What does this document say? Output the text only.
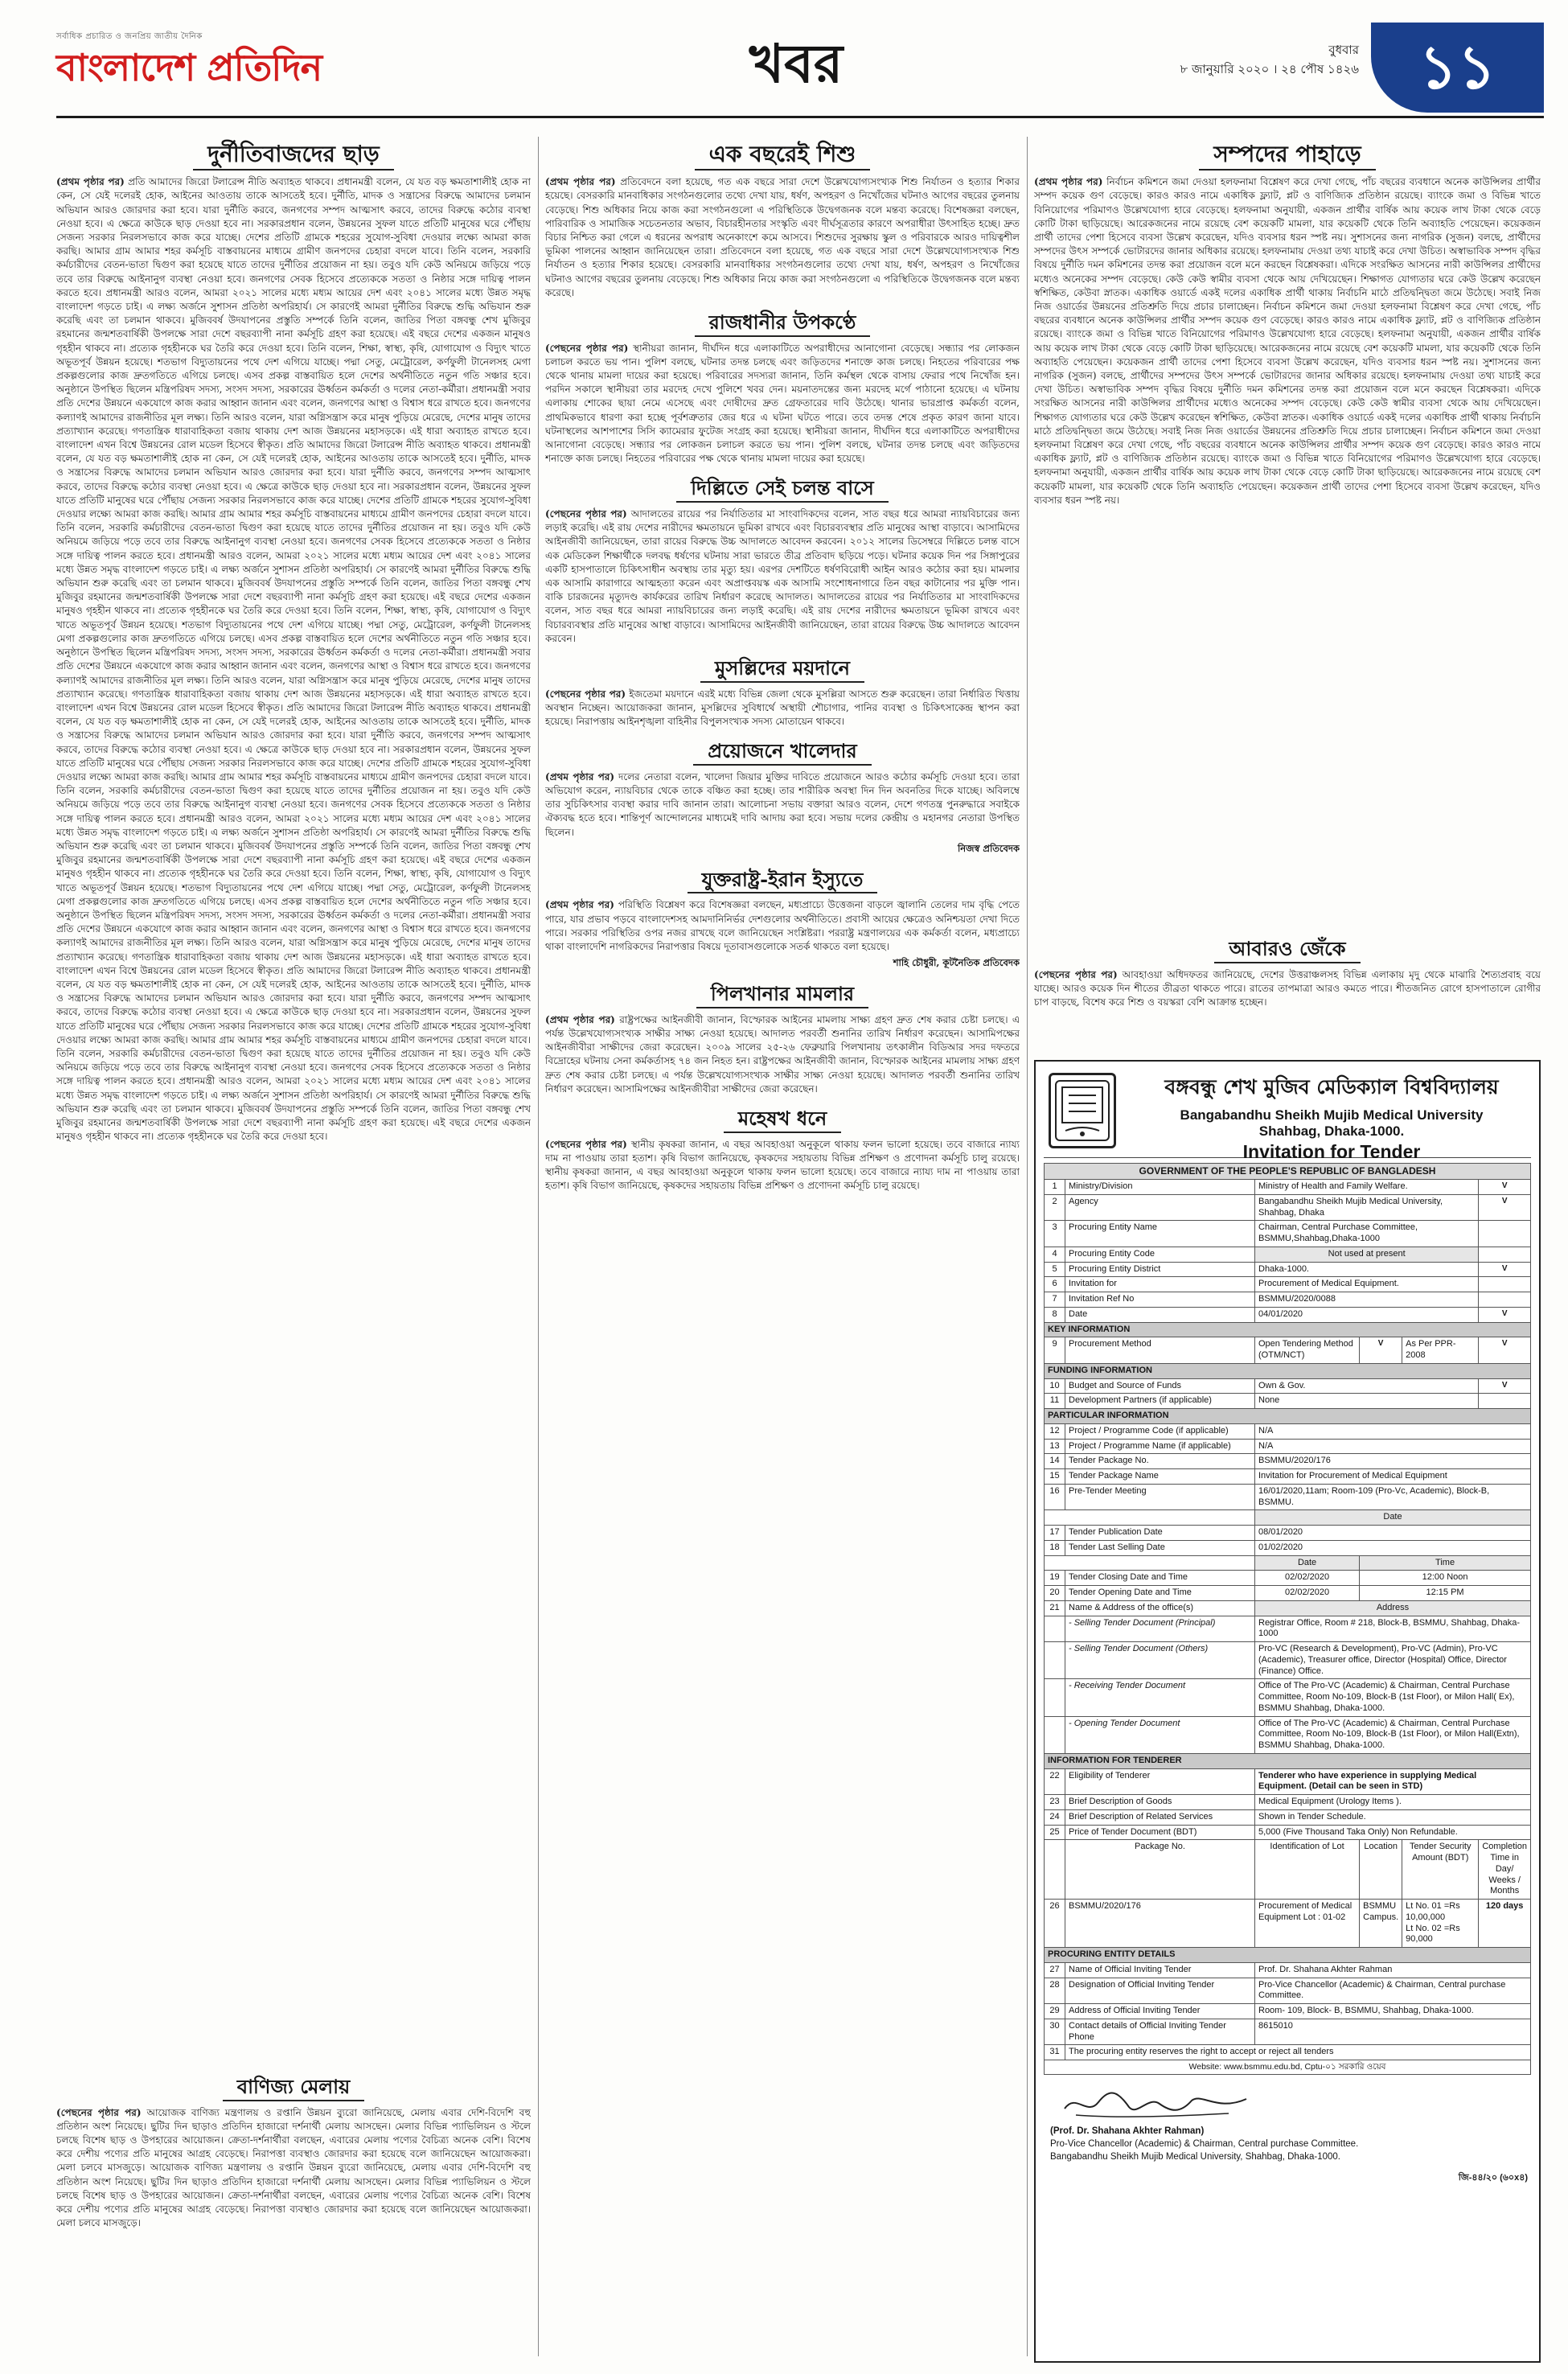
সর্বাধিক প্রচারিত ও জনপ্রিয় জাতীয় দৈনিক
বাংলাদেশ প্রতিদিন	খবর	বুধবার
৮ জানুয়ারি ২০২০ । ২৪ পৌষ ১৪২৬	১১
দুর্নীতিবাজদের ছাড়
(প্রথম পৃষ্ঠার পর) প্রতি আমাদের জিরো টলারেন্স নীতি অব্যাহত থাকবে। প্রধানমন্ত্রী বলেন, যে যত বড় ক্ষমতাশালীই হোক না কেন, সে যেই দলেরই হোক, আইনের আওতায় তাকে আসতেই হবে। দুর্নীতি, মাদক ও সন্ত্রাসের বিরুদ্ধে আমাদের চলমান অভিযান আরও জোরদার করা হবে। যারা দুর্নীতি করবে, জনগণের সম্পদ আত্মসাৎ করবে, তাদের বিরুদ্ধে কঠোর ব্যবস্থা নেওয়া হবে। এ ক্ষেত্রে কাউকে ছাড় দেওয়া হবে না। সরকারপ্রধান বলেন, উন্নয়নের সুফল যাতে প্রতিটি মানুষের ঘরে পৌঁছায় সেজন্য সরকার নিরলসভাবে কাজ করে যাচ্ছে। দেশের প্রতিটি গ্রামকে শহরের সুযোগ-সুবিধা দেওয়ার লক্ষ্যে আমরা কাজ করছি। আমার গ্রাম আমার শহর কর্মসূচি বাস্তবায়নের মাধ্যমে গ্রামীণ জনপদের চেহারা বদলে যাবে। তিনি বলেন, সরকারি কর্মচারীদের বেতন-ভাতা দ্বিগুণ করা হয়েছে যাতে তাদের দুর্নীতির প্রয়োজন না হয়। তবুও যদি কেউ অনিয়মে জড়িয়ে পড়ে তবে তার বিরুদ্ধে আইনানুগ ব্যবস্থা নেওয়া হবে। জনগণের সেবক হিসেবে প্রত্যেককে সততা ও নিষ্ঠার সঙ্গে দায়িত্ব পালন করতে হবে। প্রধানমন্ত্রী আরও বলেন, আমরা ২০২১ সালের মধ্যে মধ্যম আয়ের দেশ এবং ২০৪১ সালের মধ্যে উন্নত সমৃদ্ধ বাংলাদেশ গড়তে চাই। এ লক্ষ্য অর্জনে সুশাসন প্রতিষ্ঠা অপরিহার্য। সে কারণেই আমরা দুর্নীতির বিরুদ্ধে শুদ্ধি অভিযান শুরু করেছি এবং তা চলমান থাকবে। মুজিববর্ষ উদযাপনের প্রস্তুতি সম্পর্কে তিনি বলেন, জাতির পিতা বঙ্গবন্ধু শেখ মুজিবুর রহমানের জন্মশতবার্ষিকী উপলক্ষে সারা দেশে বছরব্যাপী নানা কর্মসূচি গ্রহণ করা হয়েছে। এই বছরে দেশের একজন মানুষও গৃহহীন থাকবে না। প্রত্যেক গৃহহীনকে ঘর তৈরি করে দেওয়া হবে। তিনি বলেন, শিক্ষা, স্বাস্থ্য, কৃষি, যোগাযোগ ও বিদ্যুৎ খাতে অভূতপূর্ব উন্নয়ন হয়েছে। শতভাগ বিদ্যুতায়নের পথে দেশ এগিয়ে যাচ্ছে। পদ্মা সেতু, মেট্রোরেল, কর্ণফুলী টানেলসহ মেগা প্রকল্পগুলোর কাজ দ্রুতগতিতে এগিয়ে চলছে। এসব প্রকল্প বাস্তবায়িত হলে দেশের অর্থনীতিতে নতুন গতি সঞ্চার হবে। অনুষ্ঠানে উপস্থিত ছিলেন মন্ত্রিপরিষদ সদস্য, সংসদ সদস্য, সরকারের ঊর্ধ্বতন কর্মকর্তা ও দলের নেতা-কর্মীরা। প্রধানমন্ত্রী সবার প্রতি দেশের উন্নয়নে একযোগে কাজ করার আহ্বান জানান এবং বলেন, জনগণের আস্থা ও বিশ্বাস ধরে রাখতে হবে। জনগণের কল্যাণই আমাদের রাজনীতির মূল লক্ষ্য। তিনি আরও বলেন, যারা অগ্নিসন্ত্রাস করে মানুষ পুড়িয়ে মেরেছে, দেশের মানুষ তাদের প্রত্যাখ্যান করেছে। গণতান্ত্রিক ধারাবাহিকতা বজায় থাকায় দেশ আজ উন্নয়নের মহাসড়কে। এই ধারা অব্যাহত রাখতে হবে। বাংলাদেশ এখন বিশ্বে উন্নয়নের রোল মডেল হিসেবে স্বীকৃত। প্রতি আমাদের জিরো টলারেন্স নীতি অব্যাহত থাকবে। প্রধানমন্ত্রী বলেন, যে যত বড় ক্ষমতাশালীই হোক না কেন, সে যেই দলেরই হোক, আইনের আওতায় তাকে আসতেই হবে। দুর্নীতি, মাদক ও সন্ত্রাসের বিরুদ্ধে আমাদের চলমান অভিযান আরও জোরদার করা হবে। যারা দুর্নীতি করবে, জনগণের সম্পদ আত্মসাৎ করবে, তাদের বিরুদ্ধে কঠোর ব্যবস্থা নেওয়া হবে। এ ক্ষেত্রে কাউকে ছাড় দেওয়া হবে না। সরকারপ্রধান বলেন, উন্নয়নের সুফল যাতে প্রতিটি মানুষের ঘরে পৌঁছায় সেজন্য সরকার নিরলসভাবে কাজ করে যাচ্ছে। দেশের প্রতিটি গ্রামকে শহরের সুযোগ-সুবিধা দেওয়ার লক্ষ্যে আমরা কাজ করছি। আমার গ্রাম আমার শহর কর্মসূচি বাস্তবায়নের মাধ্যমে গ্রামীণ জনপদের চেহারা বদলে যাবে। তিনি বলেন, সরকারি কর্মচারীদের বেতন-ভাতা দ্বিগুণ করা হয়েছে যাতে তাদের দুর্নীতির প্রয়োজন না হয়। তবুও যদি কেউ অনিয়মে জড়িয়ে পড়ে তবে তার বিরুদ্ধে আইনানুগ ব্যবস্থা নেওয়া হবে। জনগণের সেবক হিসেবে প্রত্যেককে সততা ও নিষ্ঠার সঙ্গে দায়িত্ব পালন করতে হবে। প্রধানমন্ত্রী আরও বলেন, আমরা ২০২১ সালের মধ্যে মধ্যম আয়ের দেশ এবং ২০৪১ সালের মধ্যে উন্নত সমৃদ্ধ বাংলাদেশ গড়তে চাই। এ লক্ষ্য অর্জনে সুশাসন প্রতিষ্ঠা অপরিহার্য। সে কারণেই আমরা দুর্নীতির বিরুদ্ধে শুদ্ধি অভিযান শুরু করেছি এবং তা চলমান থাকবে। মুজিববর্ষ উদযাপনের প্রস্তুতি সম্পর্কে তিনি বলেন, জাতির পিতা বঙ্গবন্ধু শেখ মুজিবুর রহমানের জন্মশতবার্ষিকী উপলক্ষে সারা দেশে বছরব্যাপী নানা কর্মসূচি গ্রহণ করা হয়েছে। এই বছরে দেশের একজন মানুষও গৃহহীন থাকবে না। প্রত্যেক গৃহহীনকে ঘর তৈরি করে দেওয়া হবে। তিনি বলেন, শিক্ষা, স্বাস্থ্য, কৃষি, যোগাযোগ ও বিদ্যুৎ খাতে অভূতপূর্ব উন্নয়ন হয়েছে। শতভাগ বিদ্যুতায়নের পথে দেশ এগিয়ে যাচ্ছে। পদ্মা সেতু, মেট্রোরেল, কর্ণফুলী টানেলসহ মেগা প্রকল্পগুলোর কাজ দ্রুতগতিতে এগিয়ে চলছে। এসব প্রকল্প বাস্তবায়িত হলে দেশের অর্থনীতিতে নতুন গতি সঞ্চার হবে। অনুষ্ঠানে উপস্থিত ছিলেন মন্ত্রিপরিষদ সদস্য, সংসদ সদস্য, সরকারের ঊর্ধ্বতন কর্মকর্তা ও দলের নেতা-কর্মীরা। প্রধানমন্ত্রী সবার প্রতি দেশের উন্নয়নে একযোগে কাজ করার আহ্বান জানান এবং বলেন, জনগণের আস্থা ও বিশ্বাস ধরে রাখতে হবে। জনগণের কল্যাণই আমাদের রাজনীতির মূল লক্ষ্য। তিনি আরও বলেন, যারা অগ্নিসন্ত্রাস করে মানুষ পুড়িয়ে মেরেছে, দেশের মানুষ তাদের প্রত্যাখ্যান করেছে। গণতান্ত্রিক ধারাবাহিকতা বজায় থাকায় দেশ আজ উন্নয়নের মহাসড়কে। এই ধারা অব্যাহত রাখতে হবে। বাংলাদেশ এখন বিশ্বে উন্নয়নের রোল মডেল হিসেবে স্বীকৃত। প্রতি আমাদের জিরো টলারেন্স নীতি অব্যাহত থাকবে। প্রধানমন্ত্রী বলেন, যে যত বড় ক্ষমতাশালীই হোক না কেন, সে যেই দলেরই হোক, আইনের আওতায় তাকে আসতেই হবে। দুর্নীতি, মাদক ও সন্ত্রাসের বিরুদ্ধে আমাদের চলমান অভিযান আরও জোরদার করা হবে। যারা দুর্নীতি করবে, জনগণের সম্পদ আত্মসাৎ করবে, তাদের বিরুদ্ধে কঠোর ব্যবস্থা নেওয়া হবে। এ ক্ষেত্রে কাউকে ছাড় দেওয়া হবে না। সরকারপ্রধান বলেন, উন্নয়নের সুফল যাতে প্রতিটি মানুষের ঘরে পৌঁছায় সেজন্য সরকার নিরলসভাবে কাজ করে যাচ্ছে। দেশের প্রতিটি গ্রামকে শহরের সুযোগ-সুবিধা দেওয়ার লক্ষ্যে আমরা কাজ করছি। আমার গ্রাম আমার শহর কর্মসূচি বাস্তবায়নের মাধ্যমে গ্রামীণ জনপদের চেহারা বদলে যাবে। তিনি বলেন, সরকারি কর্মচারীদের বেতন-ভাতা দ্বিগুণ করা হয়েছে যাতে তাদের দুর্নীতির প্রয়োজন না হয়। তবুও যদি কেউ অনিয়মে জড়িয়ে পড়ে তবে তার বিরুদ্ধে আইনানুগ ব্যবস্থা নেওয়া হবে। জনগণের সেবক হিসেবে প্রত্যেককে সততা ও নিষ্ঠার সঙ্গে দায়িত্ব পালন করতে হবে। প্রধানমন্ত্রী আরও বলেন, আমরা ২০২১ সালের মধ্যে মধ্যম আয়ের দেশ এবং ২০৪১ সালের মধ্যে উন্নত সমৃদ্ধ বাংলাদেশ গড়তে চাই। এ লক্ষ্য অর্জনে সুশাসন প্রতিষ্ঠা অপরিহার্য। সে কারণেই আমরা দুর্নীতির বিরুদ্ধে শুদ্ধি অভিযান শুরু করেছি এবং তা চলমান থাকবে। মুজিববর্ষ উদযাপনের প্রস্তুতি সম্পর্কে তিনি বলেন, জাতির পিতা বঙ্গবন্ধু শেখ মুজিবুর রহমানের জন্মশতবার্ষিকী উপলক্ষে সারা দেশে বছরব্যাপী নানা কর্মসূচি গ্রহণ করা হয়েছে। এই বছরে দেশের একজন মানুষও গৃহহীন থাকবে না। প্রত্যেক গৃহহীনকে ঘর তৈরি করে দেওয়া হবে। তিনি বলেন, শিক্ষা, স্বাস্থ্য, কৃষি, যোগাযোগ ও বিদ্যুৎ খাতে অভূতপূর্ব উন্নয়ন হয়েছে। শতভাগ বিদ্যুতায়নের পথে দেশ এগিয়ে যাচ্ছে। পদ্মা সেতু, মেট্রোরেল, কর্ণফুলী টানেলসহ মেগা প্রকল্পগুলোর কাজ দ্রুতগতিতে এগিয়ে চলছে। এসব প্রকল্প বাস্তবায়িত হলে দেশের অর্থনীতিতে নতুন গতি সঞ্চার হবে। অনুষ্ঠানে উপস্থিত ছিলেন মন্ত্রিপরিষদ সদস্য, সংসদ সদস্য, সরকারের ঊর্ধ্বতন কর্মকর্তা ও দলের নেতা-কর্মীরা। প্রধানমন্ত্রী সবার প্রতি দেশের উন্নয়নে একযোগে কাজ করার আহ্বান জানান এবং বলেন, জনগণের আস্থা ও বিশ্বাস ধরে রাখতে হবে। জনগণের কল্যাণই আমাদের রাজনীতির মূল লক্ষ্য। তিনি আরও বলেন, যারা অগ্নিসন্ত্রাস করে মানুষ পুড়িয়ে মেরেছে, দেশের মানুষ তাদের প্রত্যাখ্যান করেছে। গণতান্ত্রিক ধারাবাহিকতা বজায় থাকায় দেশ আজ উন্নয়নের মহাসড়কে। এই ধারা অব্যাহত রাখতে হবে। বাংলাদেশ এখন বিশ্বে উন্নয়নের রোল মডেল হিসেবে স্বীকৃত। প্রতি আমাদের জিরো টলারেন্স নীতি অব্যাহত থাকবে। প্রধানমন্ত্রী বলেন, যে যত বড় ক্ষমতাশালীই হোক না কেন, সে যেই দলেরই হোক, আইনের আওতায় তাকে আসতেই হবে। দুর্নীতি, মাদক ও সন্ত্রাসের বিরুদ্ধে আমাদের চলমান অভিযান আরও জোরদার করা হবে। যারা দুর্নীতি করবে, জনগণের সম্পদ আত্মসাৎ করবে, তাদের বিরুদ্ধে কঠোর ব্যবস্থা নেওয়া হবে। এ ক্ষেত্রে কাউকে ছাড় দেওয়া হবে না। সরকারপ্রধান বলেন, উন্নয়নের সুফল যাতে প্রতিটি মানুষের ঘরে পৌঁছায় সেজন্য সরকার নিরলসভাবে কাজ করে যাচ্ছে। দেশের প্রতিটি গ্রামকে শহরের সুযোগ-সুবিধা দেওয়ার লক্ষ্যে আমরা কাজ করছি। আমার গ্রাম আমার শহর কর্মসূচি বাস্তবায়নের মাধ্যমে গ্রামীণ জনপদের চেহারা বদলে যাবে। তিনি বলেন, সরকারি কর্মচারীদের বেতন-ভাতা দ্বিগুণ করা হয়েছে যাতে তাদের দুর্নীতির প্রয়োজন না হয়। তবুও যদি কেউ অনিয়মে জড়িয়ে পড়ে তবে তার বিরুদ্ধে আইনানুগ ব্যবস্থা নেওয়া হবে। জনগণের সেবক হিসেবে প্রত্যেককে সততা ও নিষ্ঠার সঙ্গে দায়িত্ব পালন করতে হবে। প্রধানমন্ত্রী আরও বলেন, আমরা ২০২১ সালের মধ্যে মধ্যম আয়ের দেশ এবং ২০৪১ সালের মধ্যে উন্নত সমৃদ্ধ বাংলাদেশ গড়তে চাই। এ লক্ষ্য অর্জনে সুশাসন প্রতিষ্ঠা অপরিহার্য। সে কারণেই আমরা দুর্নীতির বিরুদ্ধে শুদ্ধি অভিযান শুরু করেছি এবং তা চলমান থাকবে। মুজিববর্ষ উদযাপনের প্রস্তুতি সম্পর্কে তিনি বলেন, জাতির পিতা বঙ্গবন্ধু শেখ মুজিবুর রহমানের জন্মশতবার্ষিকী উপলক্ষে সারা দেশে বছরব্যাপী নানা কর্মসূচি গ্রহণ করা হয়েছে। এই বছরে দেশের একজন মানুষও গৃহহীন থাকবে না। প্রত্যেক গৃহহীনকে ঘর তৈরি করে দেওয়া হবে।
বাণিজ্য মেলায়
(পেছনের পৃষ্ঠার পর) আয়োজক বাণিজ্য মন্ত্রণালয় ও রপ্তানি উন্নয়ন ব্যুরো জানিয়েছে, মেলায় এবার দেশি-বিদেশি বহু প্রতিষ্ঠান অংশ নিয়েছে। ছুটির দিন ছাড়াও প্রতিদিন হাজারো দর্শনার্থী মেলায় আসছেন। মেলার বিভিন্ন প্যাভিলিয়ন ও স্টলে চলছে বিশেষ ছাড় ও উপহারের আয়োজন। ক্রেতা-দর্শনার্থীরা বলছেন, এবারের মেলায় পণ্যের বৈচিত্র্য অনেক বেশি। বিশেষ করে দেশীয় পণ্যের প্রতি মানুষের আগ্রহ বেড়েছে। নিরাপত্তা ব্যবস্থাও জোরদার করা হয়েছে বলে জানিয়েছেন আয়োজকরা। মেলা চলবে মাসজুড়ে। আয়োজক বাণিজ্য মন্ত্রণালয় ও রপ্তানি উন্নয়ন ব্যুরো জানিয়েছে, মেলায় এবার দেশি-বিদেশি বহু প্রতিষ্ঠান অংশ নিয়েছে। ছুটির দিন ছাড়াও প্রতিদিন হাজারো দর্শনার্থী মেলায় আসছেন। মেলার বিভিন্ন প্যাভিলিয়ন ও স্টলে চলছে বিশেষ ছাড় ও উপহারের আয়োজন। ক্রেতা-দর্শনার্থীরা বলছেন, এবারের মেলায় পণ্যের বৈচিত্র্য অনেক বেশি। বিশেষ করে দেশীয় পণ্যের প্রতি মানুষের আগ্রহ বেড়েছে। নিরাপত্তা ব্যবস্থাও জোরদার করা হয়েছে বলে জানিয়েছেন আয়োজকরা। মেলা চলবে মাসজুড়ে।
এক বছরেই শিশু
(প্রথম পৃষ্ঠার পর) প্রতিবেদনে বলা হয়েছে, গত এক বছরে সারা দেশে উল্লেখযোগ্যসংখ্যক শিশু নির্যাতন ও হত্যার শিকার হয়েছে। বেসরকারি মানবাধিকার সংগঠনগুলোর তথ্যে দেখা যায়, ধর্ষণ, অপহরণ ও নিখোঁজের ঘটনাও আগের বছরের তুলনায় বেড়েছে। শিশু অধিকার নিয়ে কাজ করা সংগঠনগুলো এ পরিস্থিতিকে উদ্বেগজনক বলে মন্তব্য করেছে। বিশেষজ্ঞরা বলছেন, পারিবারিক ও সামাজিক সচেতনতার অভাব, বিচারহীনতার সংস্কৃতি এবং দীর্ঘসূত্রতার কারণে অপরাধীরা উৎসাহিত হচ্ছে। দ্রুত বিচার নিশ্চিত করা গেলে এ ধরনের অপরাধ অনেকাংশে কমে আসবে। শিশুদের সুরক্ষায় স্কুল ও পরিবারকে আরও দায়িত্বশীল ভূমিকা পালনের আহ্বান জানিয়েছেন তারা। প্রতিবেদনে বলা হয়েছে, গত এক বছরে সারা দেশে উল্লেখযোগ্যসংখ্যক শিশু নির্যাতন ও হত্যার শিকার হয়েছে। বেসরকারি মানবাধিকার সংগঠনগুলোর তথ্যে দেখা যায়, ধর্ষণ, অপহরণ ও নিখোঁজের ঘটনাও আগের বছরের তুলনায় বেড়েছে। শিশু অধিকার নিয়ে কাজ করা সংগঠনগুলো এ পরিস্থিতিকে উদ্বেগজনক বলে মন্তব্য করেছে।
রাজধানীর উপকণ্ঠে
(পেছনের পৃষ্ঠার পর) স্থানীয়রা জানান, দীর্ঘদিন ধরে এলাকাটিতে অপরাধীদের আনাগোনা বেড়েছে। সন্ধ্যার পর লোকজন চলাচল করতে ভয় পান। পুলিশ বলছে, ঘটনার তদন্ত চলছে এবং জড়িতদের শনাক্তে কাজ চলছে। নিহতের পরিবারের পক্ষ থেকে থানায় মামলা দায়ের করা হয়েছে। পরিবারের সদস্যরা জানান, তিনি কর্মস্থল থেকে বাসায় ফেরার পথে নিখোঁজ হন। পরদিন সকালে স্থানীয়রা তার মরদেহ দেখে পুলিশে খবর দেন। ময়নাতদন্তের জন্য মরদেহ মর্গে পাঠানো হয়েছে। এ ঘটনায় এলাকায় শোকের ছায়া নেমে এসেছে এবং দোষীদের দ্রুত গ্রেফতারের দাবি উঠেছে। থানার ভারপ্রাপ্ত কর্মকর্তা বলেন, প্রাথমিকভাবে ধারণা করা হচ্ছে পূর্বশত্রুতার জের ধরে এ ঘটনা ঘটতে পারে। তবে তদন্ত শেষে প্রকৃত কারণ জানা যাবে। ঘটনাস্থলের আশপাশের সিসি ক্যামেরার ফুটেজ সংগ্রহ করা হয়েছে। স্থানীয়রা জানান, দীর্ঘদিন ধরে এলাকাটিতে অপরাধীদের আনাগোনা বেড়েছে। সন্ধ্যার পর লোকজন চলাচল করতে ভয় পান। পুলিশ বলছে, ঘটনার তদন্ত চলছে এবং জড়িতদের শনাক্তে কাজ চলছে। নিহতের পরিবারের পক্ষ থেকে থানায় মামলা দায়ের করা হয়েছে।
দিল্লিতে সেই চলন্ত বাসে
(পেছনের পৃষ্ঠার পর) আদালতের রায়ের পর নির্যাতিতার মা সাংবাদিকদের বলেন, সাত বছর ধরে আমরা ন্যায়বিচারের জন্য লড়াই করেছি। এই রায় দেশের নারীদের ক্ষমতায়নে ভূমিকা রাখবে এবং বিচারব্যবস্থার প্রতি মানুষের আস্থা বাড়াবে। আসামিদের আইনজীবী জানিয়েছেন, তারা রায়ের বিরুদ্ধে উচ্চ আদালতে আবেদন করবেন। ২০১২ সালের ডিসেম্বরে দিল্লিতে চলন্ত বাসে এক মেডিকেল শিক্ষার্থীকে দলবদ্ধ ধর্ষণের ঘটনায় সারা ভারতে তীব্র প্রতিবাদ ছড়িয়ে পড়ে। ঘটনার কয়েক দিন পর সিঙ্গাপুরের একটি হাসপাতালে চিকিৎসাধীন অবস্থায় তার মৃত্যু হয়। এরপর দেশটিতে ধর্ষণবিরোধী আইন আরও কঠোর করা হয়। মামলার এক আসামি কারাগারে আত্মহত্যা করেন এবং অপ্রাপ্তবয়স্ক এক আসামি সংশোধনাগারে তিন বছর কাটানোর পর মুক্তি পান। বাকি চারজনের মৃত্যুদণ্ড কার্যকরের তারিখ নির্ধারণ করেছে আদালত। আদালতের রায়ের পর নির্যাতিতার মা সাংবাদিকদের বলেন, সাত বছর ধরে আমরা ন্যায়বিচারের জন্য লড়াই করেছি। এই রায় দেশের নারীদের ক্ষমতায়নে ভূমিকা রাখবে এবং বিচারব্যবস্থার প্রতি মানুষের আস্থা বাড়াবে। আসামিদের আইনজীবী জানিয়েছেন, তারা রায়ের বিরুদ্ধে উচ্চ আদালতে আবেদন করবেন।
মুসল্লিদের ময়দানে
(পেছনের পৃষ্ঠার পর) ইজতেমা ময়দানে এরই মধ্যে বিভিন্ন জেলা থেকে মুসল্লিরা আসতে শুরু করেছেন। তারা নির্ধারিত খিত্তায় অবস্থান নিচ্ছেন। আয়োজকরা জানান, মুসল্লিদের সুবিধার্থে অস্থায়ী শৌচাগার, পানির ব্যবস্থা ও চিকিৎসাকেন্দ্র স্থাপন করা হয়েছে। নিরাপত্তায় আইনশৃঙ্খলা বাহিনীর বিপুলসংখ্যক সদস্য মোতায়েন থাকবে।
প্রয়োজনে খালেদার
(প্রথম পৃষ্ঠার পর) দলের নেতারা বলেন, খালেদা জিয়ার মুক্তির দাবিতে প্রয়োজনে আরও কঠোর কর্মসূচি দেওয়া হবে। তারা অভিযোগ করেন, ন্যায়বিচার থেকে তাকে বঞ্চিত করা হচ্ছে। তার শারীরিক অবস্থা দিন দিন অবনতির দিকে যাচ্ছে। অবিলম্বে তার সুচিকিৎসার ব্যবস্থা করার দাবি জানান তারা। আলোচনা সভায় বক্তারা আরও বলেন, দেশে গণতন্ত্র পুনরুদ্ধারে সবাইকে ঐক্যবদ্ধ হতে হবে। শান্তিপূর্ণ আন্দোলনের মাধ্যমেই দাবি আদায় করা হবে। সভায় দলের কেন্দ্রীয় ও মহানগর নেতারা উপস্থিত ছিলেন।
নিজস্ব প্রতিবেদক
যুক্তরাষ্ট্র-ইরান ইস্যুতে
(প্রথম পৃষ্ঠার পর) পরিস্থিতি বিশ্লেষণ করে বিশেষজ্ঞরা বলছেন, মধ্যপ্রাচ্যে উত্তেজনা বাড়লে জ্বালানি তেলের দাম বৃদ্ধি পেতে পারে, যার প্রভাব পড়বে বাংলাদেশসহ আমদানিনির্ভর দেশগুলোর অর্থনীতিতে। প্রবাসী আয়ের ক্ষেত্রেও অনিশ্চয়তা দেখা দিতে পারে। সরকার পরিস্থিতির ওপর নজর রাখছে বলে জানিয়েছেন সংশ্লিষ্টরা। পররাষ্ট্র মন্ত্রণালয়ের এক কর্মকর্তা বলেন, মধ্যপ্রাচ্যে থাকা বাংলাদেশি নাগরিকদের নিরাপত্তার বিষয়ে দূতাবাসগুলোকে সতর্ক থাকতে বলা হয়েছে।
শাহি চৌধুরী, কূটনৈতিক প্রতিবেদক
পিলখানার মামলার
(প্রথম পৃষ্ঠার পর) রাষ্ট্রপক্ষের আইনজীবী জানান, বিস্ফোরক আইনের মামলায় সাক্ষ্য গ্রহণ দ্রুত শেষ করার চেষ্টা চলছে। এ পর্যন্ত উল্লেখযোগ্যসংখ্যক সাক্ষীর সাক্ষ্য নেওয়া হয়েছে। আদালত পরবর্তী শুনানির তারিখ নির্ধারণ করেছেন। আসামিপক্ষের আইনজীবীরা সাক্ষীদের জেরা করেছেন। ২০০৯ সালের ২৫-২৬ ফেব্রুয়ারি পিলখানায় তৎকালীন বিডিআর সদর দফতরে বিদ্রোহের ঘটনায় সেনা কর্মকর্তাসহ ৭৪ জন নিহত হন। রাষ্ট্রপক্ষের আইনজীবী জানান, বিস্ফোরক আইনের মামলায় সাক্ষ্য গ্রহণ দ্রুত শেষ করার চেষ্টা চলছে। এ পর্যন্ত উল্লেখযোগ্যসংখ্যক সাক্ষীর সাক্ষ্য নেওয়া হয়েছে। আদালত পরবর্তী শুনানির তারিখ নির্ধারণ করেছেন। আসামিপক্ষের আইনজীবীরা সাক্ষীদের জেরা করেছেন।
মহেষখ ধনে
(পেছনের পৃষ্ঠার পর) স্থানীয় কৃষকরা জানান, এ বছর আবহাওয়া অনুকূলে থাকায় ফলন ভালো হয়েছে। তবে বাজারে ন্যায্য দাম না পাওয়ায় তারা হতাশ। কৃষি বিভাগ জানিয়েছে, কৃষকদের সহায়তায় বিভিন্ন প্রশিক্ষণ ও প্রণোদনা কর্মসূচি চালু রয়েছে। স্থানীয় কৃষকরা জানান, এ বছর আবহাওয়া অনুকূলে থাকায় ফলন ভালো হয়েছে। তবে বাজারে ন্যায্য দাম না পাওয়ায় তারা হতাশ। কৃষি বিভাগ জানিয়েছে, কৃষকদের সহায়তায় বিভিন্ন প্রশিক্ষণ ও প্রণোদনা কর্মসূচি চালু রয়েছে।
সম্পদের পাহাড়ে
(প্রথম পৃষ্ঠার পর) নির্বাচন কমিশনে জমা দেওয়া হলফনামা বিশ্লেষণ করে দেখা গেছে, পাঁচ বছরের ব্যবধানে অনেক কাউন্সিলর প্রার্থীর সম্পদ কয়েক গুণ বেড়েছে। কারও কারও নামে একাধিক ফ্ল্যাট, প্লট ও বাণিজ্যিক প্রতিষ্ঠান রয়েছে। ব্যাংকে জমা ও বিভিন্ন খাতে বিনিয়োগের পরিমাণও উল্লেখযোগ্য হারে বেড়েছে। হলফনামা অনুযায়ী, একজন প্রার্থীর বার্ষিক আয় কয়েক লাখ টাকা থেকে বেড়ে কোটি টাকা ছাড়িয়েছে। আরেকজনের নামে রয়েছে বেশ কয়েকটি মামলা, যার কয়েকটি থেকে তিনি অব্যাহতি পেয়েছেন। কয়েকজন প্রার্থী তাদের পেশা হিসেবে ব্যবসা উল্লেখ করেছেন, যদিও ব্যবসার ধরন স্পষ্ট নয়। সুশাসনের জন্য নাগরিক (সুজন) বলছে, প্রার্থীদের সম্পদের উৎস সম্পর্কে ভোটারদের জানার অধিকার রয়েছে। হলফনামায় দেওয়া তথ্য যাচাই করে দেখা উচিত। অস্বাভাবিক সম্পদ বৃদ্ধির বিষয়ে দুর্নীতি দমন কমিশনের তদন্ত করা প্রয়োজন বলে মনে করছেন বিশ্লেষকরা। এদিকে সংরক্ষিত আসনের নারী কাউন্সিলর প্রার্থীদের মধ্যেও অনেকের সম্পদ বেড়েছে। কেউ কেউ স্বামীর ব্যবসা থেকে আয় দেখিয়েছেন। শিক্ষাগত যোগ্যতার ঘরে কেউ উল্লেখ করেছেন স্বশিক্ষিত, কেউবা স্নাতক। একাধিক ওয়ার্ডে একই দলের একাধিক প্রার্থী থাকায় নির্বাচনি মাঠে প্রতিদ্বন্দ্বিতা জমে উঠেছে। সবাই নিজ নিজ ওয়ার্ডের উন্নয়নের প্রতিশ্রুতি দিয়ে প্রচার চালাচ্ছেন। নির্বাচন কমিশনে জমা দেওয়া হলফনামা বিশ্লেষণ করে দেখা গেছে, পাঁচ বছরের ব্যবধানে অনেক কাউন্সিলর প্রার্থীর সম্পদ কয়েক গুণ বেড়েছে। কারও কারও নামে একাধিক ফ্ল্যাট, প্লট ও বাণিজ্যিক প্রতিষ্ঠান রয়েছে। ব্যাংকে জমা ও বিভিন্ন খাতে বিনিয়োগের পরিমাণও উল্লেখযোগ্য হারে বেড়েছে। হলফনামা অনুযায়ী, একজন প্রার্থীর বার্ষিক আয় কয়েক লাখ টাকা থেকে বেড়ে কোটি টাকা ছাড়িয়েছে। আরেকজনের নামে রয়েছে বেশ কয়েকটি মামলা, যার কয়েকটি থেকে তিনি অব্যাহতি পেয়েছেন। কয়েকজন প্রার্থী তাদের পেশা হিসেবে ব্যবসা উল্লেখ করেছেন, যদিও ব্যবসার ধরন স্পষ্ট নয়। সুশাসনের জন্য নাগরিক (সুজন) বলছে, প্রার্থীদের সম্পদের উৎস সম্পর্কে ভোটারদের জানার অধিকার রয়েছে। হলফনামায় দেওয়া তথ্য যাচাই করে দেখা উচিত। অস্বাভাবিক সম্পদ বৃদ্ধির বিষয়ে দুর্নীতি দমন কমিশনের তদন্ত করা প্রয়োজন বলে মনে করছেন বিশ্লেষকরা। এদিকে সংরক্ষিত আসনের নারী কাউন্সিলর প্রার্থীদের মধ্যেও অনেকের সম্পদ বেড়েছে। কেউ কেউ স্বামীর ব্যবসা থেকে আয় দেখিয়েছেন। শিক্ষাগত যোগ্যতার ঘরে কেউ উল্লেখ করেছেন স্বশিক্ষিত, কেউবা স্নাতক। একাধিক ওয়ার্ডে একই দলের একাধিক প্রার্থী থাকায় নির্বাচনি মাঠে প্রতিদ্বন্দ্বিতা জমে উঠেছে। সবাই নিজ নিজ ওয়ার্ডের উন্নয়নের প্রতিশ্রুতি দিয়ে প্রচার চালাচ্ছেন। নির্বাচন কমিশনে জমা দেওয়া হলফনামা বিশ্লেষণ করে দেখা গেছে, পাঁচ বছরের ব্যবধানে অনেক কাউন্সিলর প্রার্থীর সম্পদ কয়েক গুণ বেড়েছে। কারও কারও নামে একাধিক ফ্ল্যাট, প্লট ও বাণিজ্যিক প্রতিষ্ঠান রয়েছে। ব্যাংকে জমা ও বিভিন্ন খাতে বিনিয়োগের পরিমাণও উল্লেখযোগ্য হারে বেড়েছে। হলফনামা অনুযায়ী, একজন প্রার্থীর বার্ষিক আয় কয়েক লাখ টাকা থেকে বেড়ে কোটি টাকা ছাড়িয়েছে। আরেকজনের নামে রয়েছে বেশ কয়েকটি মামলা, যার কয়েকটি থেকে তিনি অব্যাহতি পেয়েছেন। কয়েকজন প্রার্থী তাদের পেশা হিসেবে ব্যবসা উল্লেখ করেছেন, যদিও ব্যবসার ধরন স্পষ্ট নয়।
আবারও জেঁকে
(পেছনের পৃষ্ঠার পর) আবহাওয়া অধিদফতর জানিয়েছে, দেশের উত্তরাঞ্চলসহ বিভিন্ন এলাকায় মৃদু থেকে মাঝারি শৈত্যপ্রবাহ বয়ে যাচ্ছে। আরও কয়েক দিন শীতের তীব্রতা থাকতে পারে। রাতের তাপমাত্রা আরও কমতে পারে। শীতজনিত রোগে হাসপাতালে রোগীর চাপ বাড়ছে, বিশেষ করে শিশু ও বয়স্করা বেশি আক্রান্ত হচ্ছেন।
বঙ্গবন্ধু শেখ মুজিব মেডিক্যাল বিশ্ববিদ্যালয়
Bangabandhu Sheikh Mujib Medical University
Shahbag, Dhaka-1000.
Invitation for Tender
GOVERNMENT OF THE PEOPLE'S REPUBLIC OF BANGLADESH					
1	Ministry/Division	Ministry of Health and Family Welfare.			V
2	Agency	Bangabandhu Sheikh Mujib Medical University, Shahbag, Dhaka			V
3	Procuring Entity Name	Chairman, Central Purchase Committee, BSMMU,Shahbag,Dhaka-1000			
4	Procuring Entity Code	Not used at present			
5	Procuring Entity District	Dhaka-1000.			V
6	Invitation for	Procurement of Medical Equipment.			
7	Invitation Ref No	BSMMU/2020/0088			
8	Date	04/01/2020			V
KEY INFORMATION					
9	Procurement Method	Open Tendering Method (OTM/NCT)	V	As Per PPR-2008	V
FUNDING INFORMATION					
10	Budget and Source of Funds	Own & Gov.			V
11	Development Partners (if applicable)	None			
PARTICULAR INFORMATION					
12	Project / Programme Code (if applicable)	N/A			
13	Project / Programme Name (if applicable)	N/A			
14	Tender Package No.	BSMMU/2020/176			
15	Tender Package Name	Invitation for Procurement of Medical Equipment			
16	Pre-Tender Meeting	16/01/2020,11am; Room-109 (Pro-Vc, Academic), Block-B, BSMMU.			
		Date			
17	Tender Publication Date	08/01/2020			
18	Tender Last Selling Date	01/02/2020			
		Date	Time		
19	Tender Closing Date and Time	02/02/2020	12:00 Noon		
20	Tender Opening Date and Time	02/02/2020	12:15 PM		
21	Name & Address of the office(s)	Address			
	- Selling Tender Document (Principal)	Registrar Office, Room # 218, Block-B, BSMMU, Shahbag, Dhaka-1000			
	- Selling Tender Document (Others)	Pro-VC (Research & Development), Pro-VC (Admin), Pro-VC (Academic), Treasurer office, Director (Hospital) Office, Director (Finance) Office.			
	- Receiving Tender Document	Office of The Pro-VC (Academic) & Chairman, Central Purchase Committee, Room No-109, Block-B (1st Floor), or Milon Hall( Ex), BSMMU Shahbag, Dhaka-1000.			
	- Opening Tender Document	Office of The Pro-VC (Academic) & Chairman, Central Purchase Committee, Room No-109, Block-B (1st Floor), or Milon Hall(Extn), BSMMU Shahbag, Dhaka-1000.			
INFORMATION FOR TENDERER					
22	Eligibility of Tenderer	Tenderer who have experience in supplying Medical Equipment. (Detail can be seen in STD)			
23	Brief Description of Goods	Medical Equipment (Urology Items ).			
24	Brief Description of Related Services	Shown in Tender Schedule.			
25	Price of Tender Document (BDT)	5,000 (Five Thousand Taka Only) Non Refundable.			
	Package No.	Identification of Lot	Location	Tender Security Amount (BDT)	Completion Time in Day/ Weeks / Months
26	BSMMU/2020/176	Procurement of Medical Equipment Lot : 01-02	BSMMU Campus.	Lt No. 01 =Rs 10,00,000
Lt No. 02 =Rs 90,000	120 days
PROCURING ENTITY DETAILS					
27	Name of Official Inviting Tender	Prof. Dr. Shahana Akhter Rahman			
28	Designation of Official Inviting Tender	Pro-Vice Chancellor (Academic) & Chairman, Central purchase Committee.			
29	Address of Official Inviting Tender	Room- 109, Block- B, BSMMU, Shahbag, Dhaka-1000.			
30	Contact details of Official Inviting Tender Phone	8615010			
31	The procuring entity reserves the right to accept or reject all tenders				
Website: www.bsmmu.edu.bd, Cptu-০১ সরকারি ওয়েব					
(Prof. Dr. Shahana Akhter Rahman)
Pro-Vice Chancellor (Academic) & Chairman, Central purchase Committee.
Bangabandhu Sheikh Mujib Medical University, Shahbag, Dhaka-1000.
জি-৪৪/২০ (৬০x৪)
